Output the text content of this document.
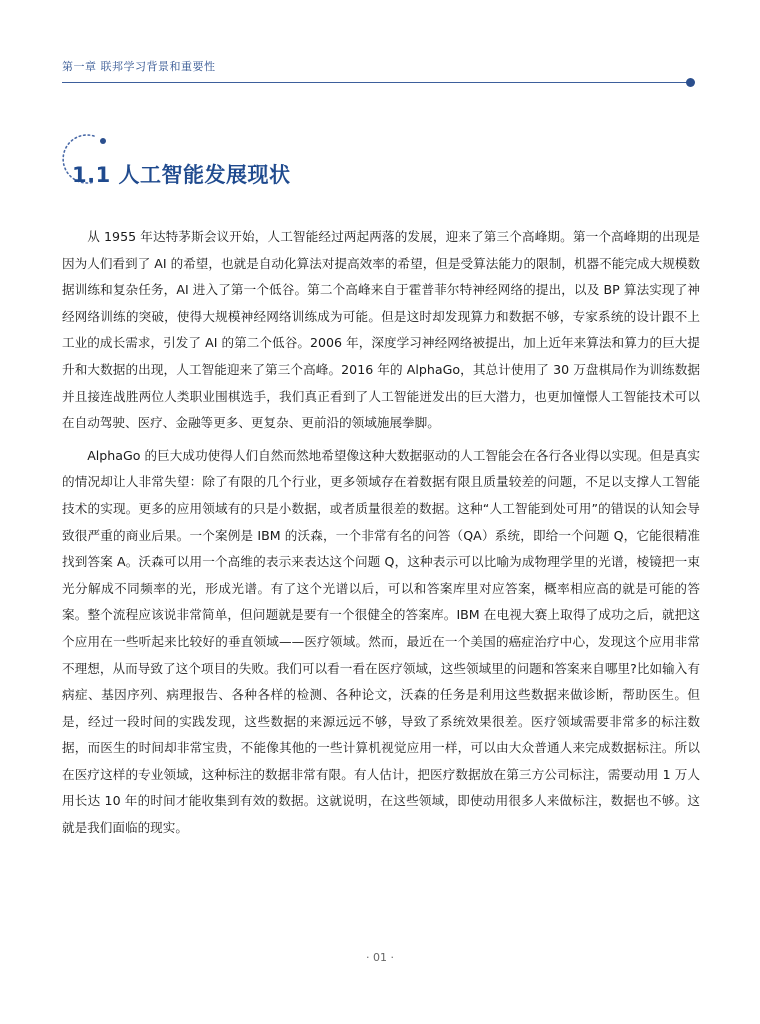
第一章 联邦学习背景和重要性
1.1 人工智能发展现状

从 1955 年达特茅斯会议开始，人工智能经过两起两落的发展，迎来了第三个高峰期。第一个高峰期的出现是因为人们看到了 AI 的希望，也就是自动化算法对提高效率的希望，但是受算法能力的限制，机器不能完成大规模数据训练和复杂任务，AI 进入了第一个低谷。第二个高峰来自于霍普菲尔特神经网络的提出，以及 BP 算法实现了神经网络训练的突破，使得大规模神经网络训练成为可能。但是这时却发现算力和数据不够，专家系统的设计跟不上工业的成长需求，引发了 AI 的第二个低谷。2006 年，深度学习神经网络被提出，加上近年来算法和算力的巨大提升和大数据的出现，人工智能迎来了第三个高峰。2016 年的 AlphaGo，其总计使用了 30 万盘棋局作为训练数据并且接连战胜两位人类职业围棋选手，我们真正看到了人工智能迸发出的巨大潜力，也更加憧憬人工智能技术可以在自动驾驶、医疗、金融等更多、更复杂、更前沿的领域施展拳脚。

AlphaGo 的巨大成功使得人们自然而然地希望像这种大数据驱动的人工智能会在各行各业得以实现。但是真实的情况却让人非常失望：除了有限的几个行业，更多领域存在着数据有限且质量较差的问题，不足以支撑人工智能技术的实现。更多的应用领域有的只是小数据，或者质量很差的数据。这种“人工智能到处可用”的错误的认知会导致很严重的商业后果。一个案例是 IBM 的沃森，一个非常有名的问答（QA）系统，即给一个问题 Q，它能很精准找到答案 A。沃森可以用一个高维的表示来表达这个问题 Q，这种表示可以比喻为成物理学里的光谱，棱镜把一束光分解成不同频率的光，形成光谱。有了这个光谱以后，可以和答案库里对应答案，概率相应高的就是可能的答案。整个流程应该说非常简单，但问题就是要有一个很健全的答案库。IBM 在电视大赛上取得了成功之后，就把这个应用在一些听起来比较好的垂直领域——医疗领域。然而，最近在一个美国的癌症治疗中心，发现这个应用非常不理想，从而导致了这个项目的失败。我们可以看一看在医疗领域，这些领域里的问题和答案来自哪里?比如输入有病症、基因序列、病理报告、各种各样的检测、各种论文，沃森的任务是利用这些数据来做诊断，帮助医生。但是，经过一段时间的实践发现，这些数据的来源远远不够，导致了系统效果很差。医疗领域需要非常多的标注数据，而医生的时间却非常宝贵，不能像其他的一些计算机视觉应用一样，可以由大众普通人来完成数据标注。所以在医疗这样的专业领域，这种标注的数据非常有限。有人估计，把医疗数据放在第三方公司标注，需要动用 1 万人用长达 10 年的时间才能收集到有效的数据。这就说明，在这些领域，即使动用很多人来做标注，数据也不够。这就是我们面临的现实。

· 01 ·
